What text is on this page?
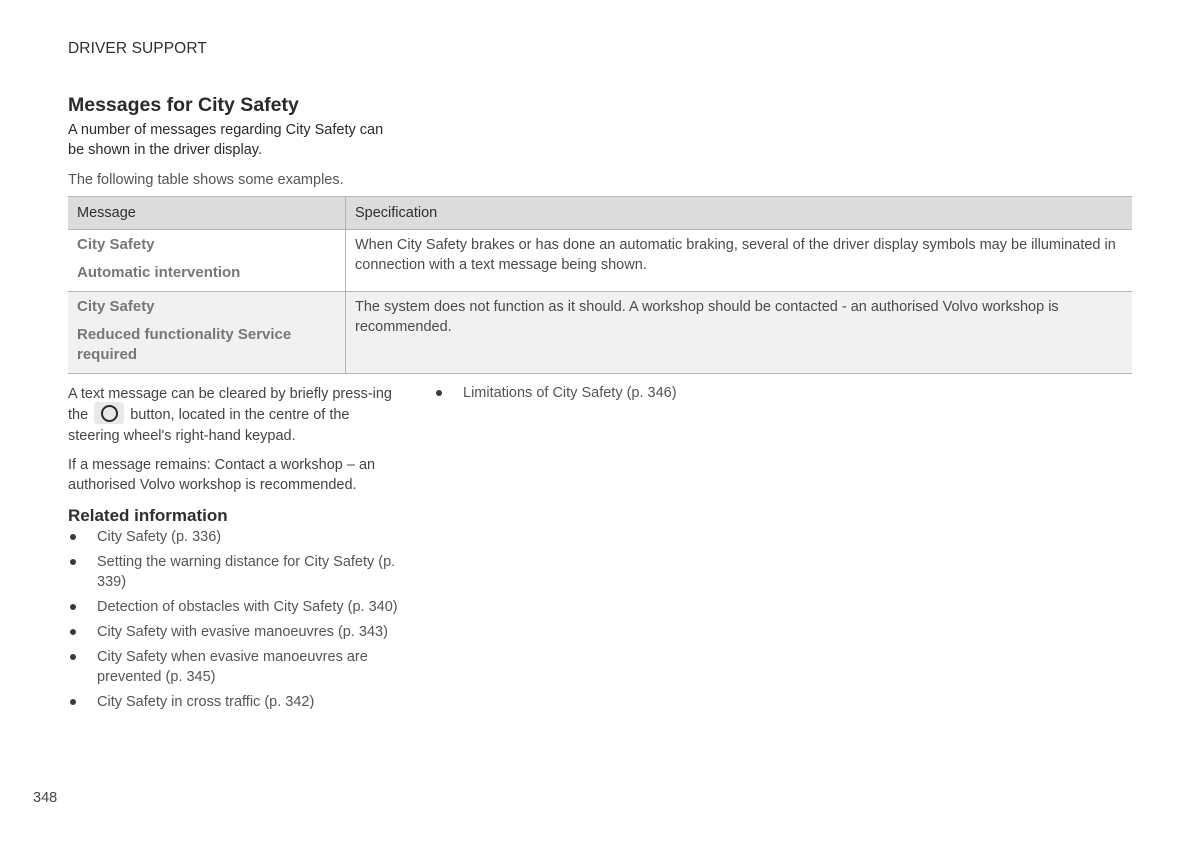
DRIVER SUPPORT
Messages for City Safety
A number of messages regarding City Safety can be shown in the driver display.
The following table shows some examples.
Message	Specification

City Safety
Automatic intervention	When City Safety brakes or has done an automatic braking, several of the driver display symbols may be illuminated in connection with a text message being shown.

City Safety
Reduced functionality Service required	The system does not function as it should. A workshop should be contacted - an authorised Volvo workshop is recommended.
A text message can be cleared by briefly press-ing the	button, located in the centre of the steering wheel's right-hand keypad.
If a message remains: Contact a workshop – an authorised Volvo workshop is recommended.
Related information
City Safety (p. 336)
Setting the warning distance for City Safety (p. 339)
Detection of obstacles with City Safety (p. 340)
City Safety with evasive manoeuvres (p. 343)
City Safety when evasive manoeuvres are prevented (p. 345)
City Safety in cross traffic (p. 342)
Limitations of City Safety (p. 346)
348
